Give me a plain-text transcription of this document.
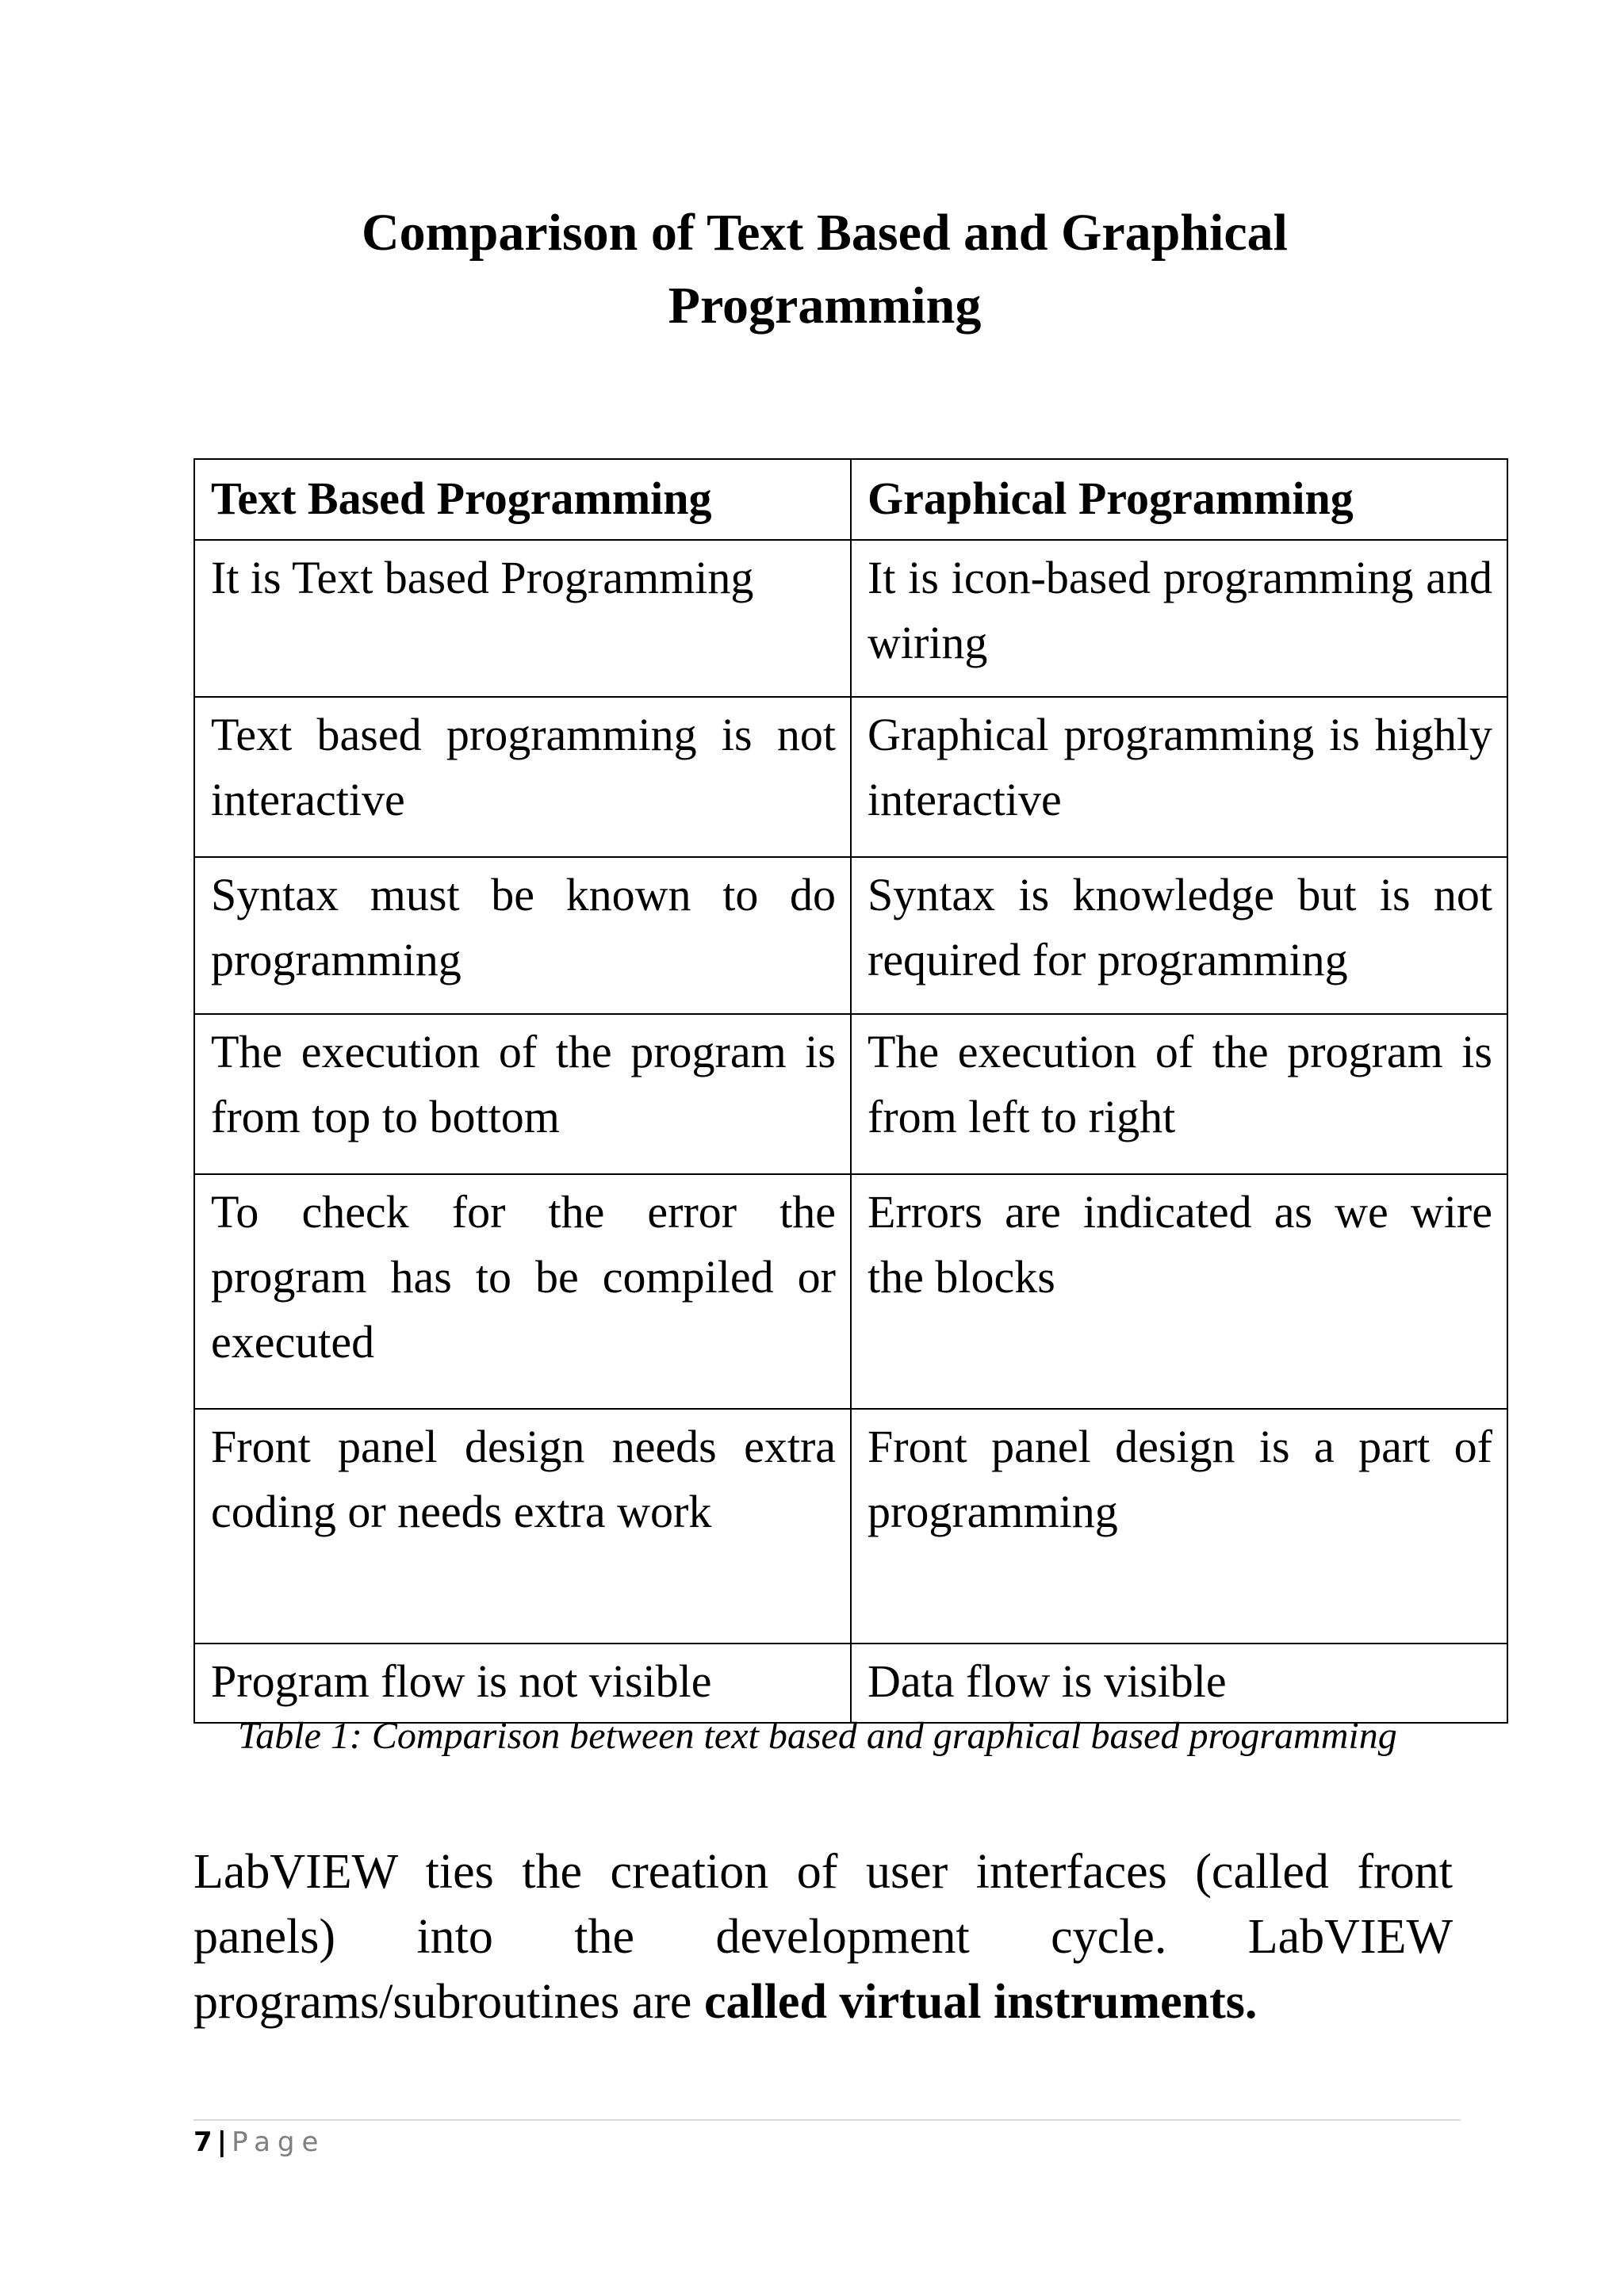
Comparison of Text Based and Graphical
Programming
Text Based Programming	Graphical Programming
It is Text based Programming	It is icon-based programming and wiring
Text based programming is not interactive	Graphical programming is highly interactive
Syntax must be known to do programming	Syntax is knowledge but is not required for programming
The execution of the program is from top to bottom	The execution of the program is from left to right
To check for the error the program has to be compiled or executed	Errors are indicated as we wire the blocks
Front panel design needs extra coding or needs extra work	Front panel design is a part of programming
Program flow is not visible	Data flow is visible
Table 1: Comparison between text based and graphical based programming

LabVIEW ties the creation of user interfaces (called front panels) into the development cycle. LabVIEW programs/subroutines are called virtual instruments.

7 | Page
